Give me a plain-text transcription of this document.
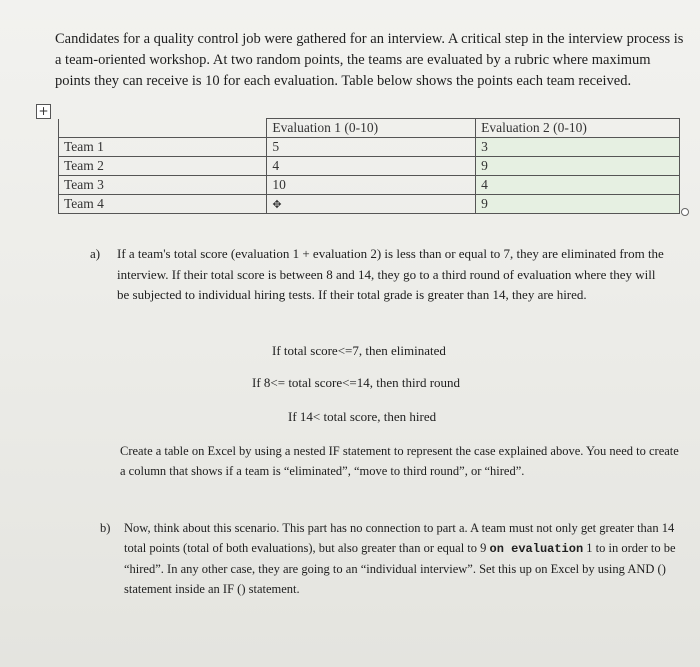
Candidates for a quality control job were gathered for an interview. A critical step in the interview process is a team-oriented workshop. At two random points, the teams are evaluated by a rubric where maximum points they can receive is 10 for each evaluation. Table below shows the points each team received.

+
	Evaluation 1 (0-10)	Evaluation 2 (0-10)
Team 1	5	3
Team 2	4	9
Team 3	10	4
Team 4	✥	9
a) If a team's total score (evaluation 1 + evaluation 2) is less than or equal to 7, they are eliminated from the interview. If their total score is between 8 and 14, they go to a third round of evaluation where they will be subjected to individual hiring tests. If their total grade is greater than 14, they are hired.
If total score<=7, then eliminated
If 8<= total score<=14, then third round
If 14< total score, then hired
Create a table on Excel by using a nested IF statement to represent the case explained above. You need to create a column that shows if a team is “eliminated”, “move to third round”, or “hired”.
b) Now, think about this scenario. This part has no connection to part a. A team must not only get greater than 14 total points (total of both evaluations), but also greater than or equal to 9 on evaluation 1 to in order to be “hired”. In any other case, they are going to an “individual interview”. Set this up on Excel by using AND () statement inside an IF () statement.
